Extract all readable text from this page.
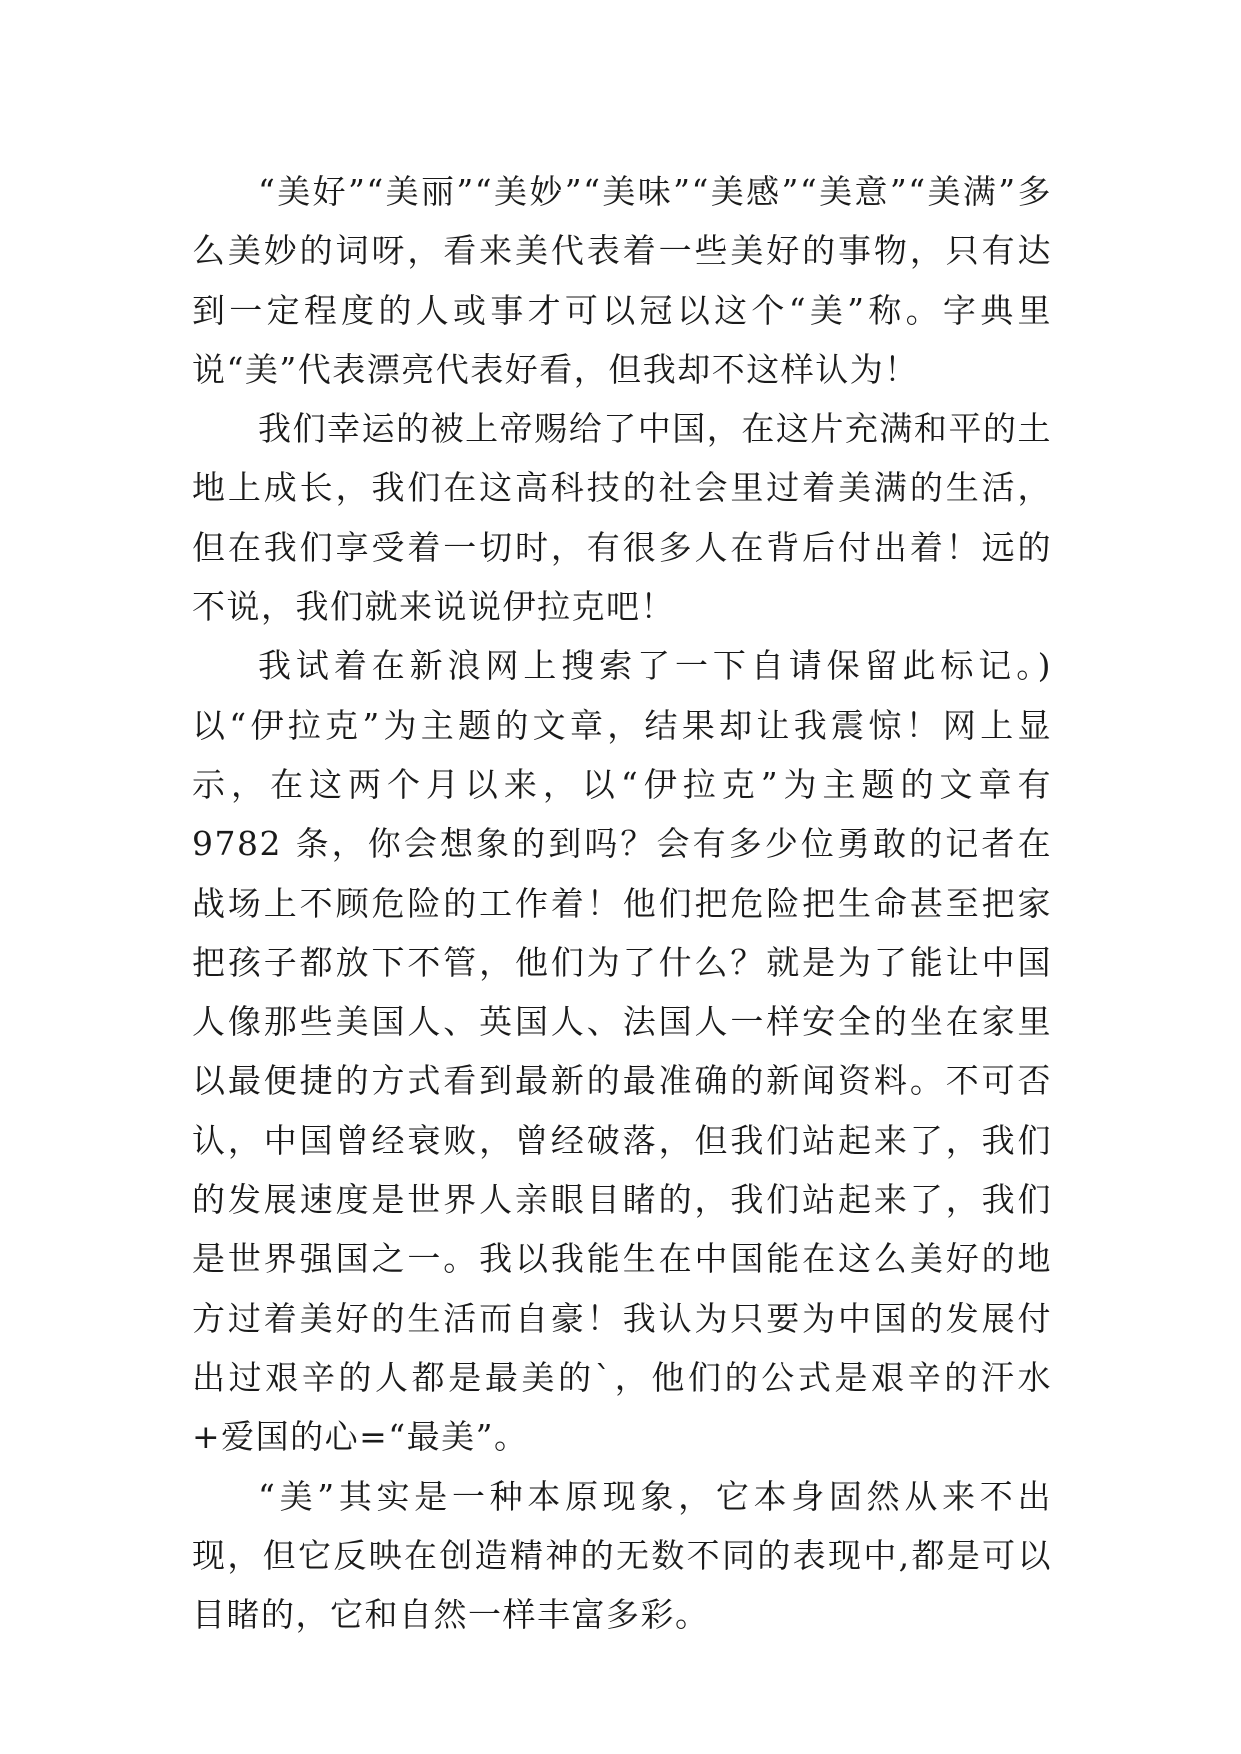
“美好”“美丽”“美妙”“美味”“美感”“美意”“美满”多么美妙的词呀，看来美代表着一些美好的事物，只有达到一定程度的人或事才可以冠以这个“美”称。字典里说“美”代表漂亮代表好看，但我却不这样认为！

我们幸运的被上帝赐给了中国，在这片充满和平的土地上成长，我们在这高科技的社会里过着美满的生活，但在我们享受着一切时，有很多人在背后付出着！远的不说，我们就来说说伊拉克吧！

我试着在新浪网上搜索了一下自请保留此标记。)以“伊拉克”为主题的文章，结果却让我震惊！网上显示，在这两个月以来，以“伊拉克”为主题的文章有 9782 条，你会想象的到吗？会有多少位勇敢的记者在战场上不顾危险的工作着！他们把危险把生命甚至把家把孩子都放下不管，他们为了什么？就是为了能让中国人像那些美国人、英国人、法国人一样安全的坐在家里以最便捷的方式看到最新的最准确的新闻资料。不可否认，中国曾经衰败，曾经破落，但我们站起来了，我们的发展速度是世界人亲眼目睹的，我们站起来了，我们是世界强国之一。我以我能生在中国能在这么美好的地方过着美好的生活而自豪！我认为只要为中国的发展付出过艰辛的人都是最美的`，他们的公式是艰辛的汗水+爱国的心=“最美”。

“美”其实是一种本原现象，它本身固然从来不出现，但它反映在创造精神的无数不同的表现中,都是可以目睹的，它和自然一样丰富多彩。
